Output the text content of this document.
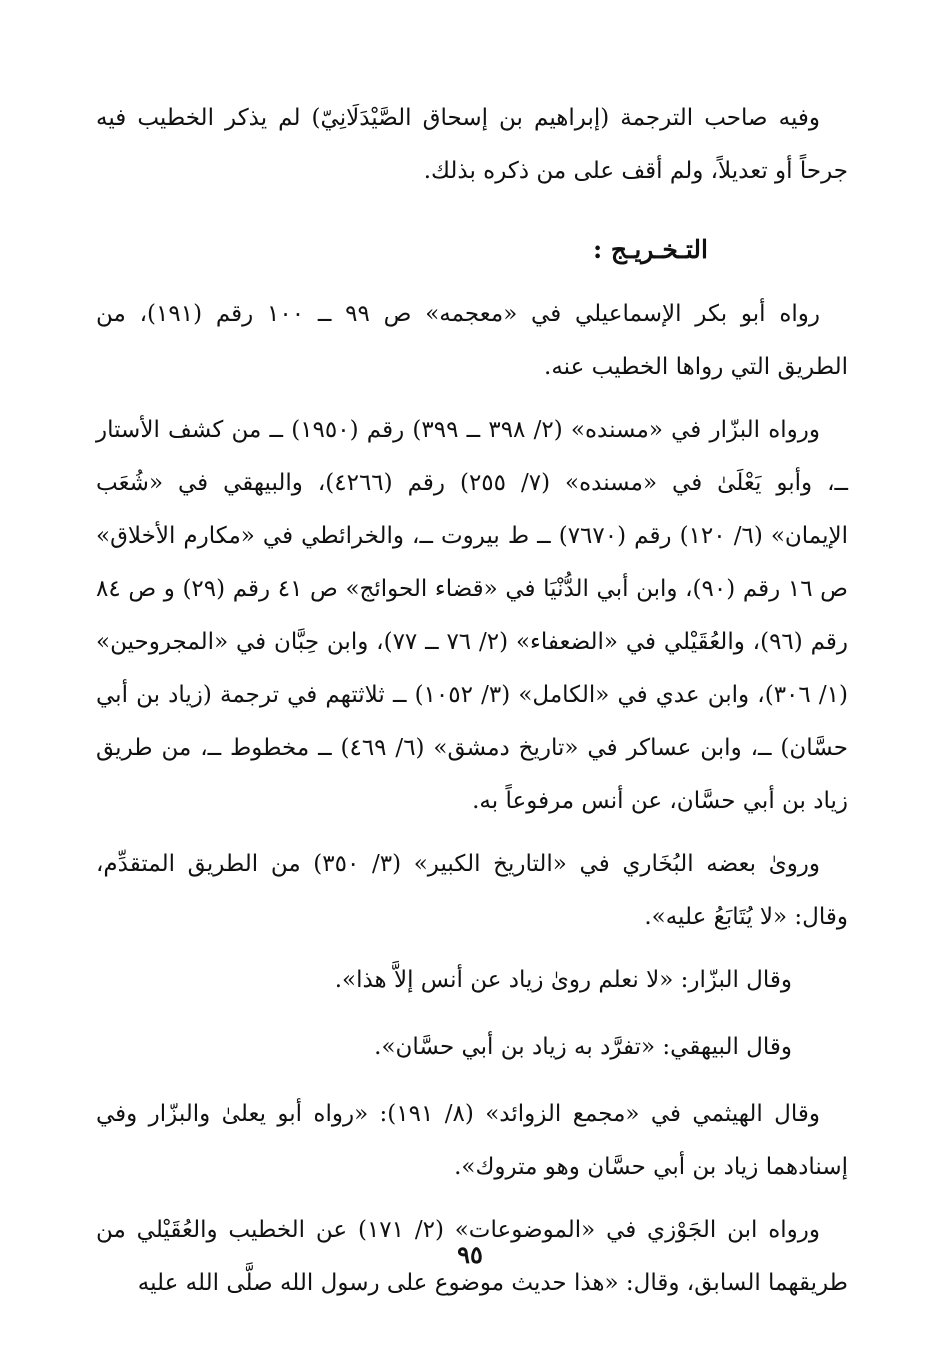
وفيه صاحب الترجمة (إبراهيم بن إسحاق الصَّيْدَلَانِيّ) لم يذكر الخطيب فيه جرحاً أو تعديلاً، ولم أقف على من ذكره بذلك.

التـخـريـج :

رواه أبو بكر الإسماعيلي في «معجمه» ص ٩٩ ــ ١٠٠ رقم (١٩١)، من الطريق التي رواها الخطيب عنه.

ورواه البزّار في «مسنده» (٢/ ٣٩٨ ــ ٣٩٩) رقم (١٩٥٠) ــ من كشف الأستار ــ، وأبو يَعْلَىٰ في «مسنده» (٧/ ٢٥٥) رقم (٤٢٦٦)، والبيهقي في «شُعَب الإيمان» (٦/ ١٢٠) رقم (٧٦٧٠) ــ ط بيروت ــ، والخرائطي في «مكارم الأخلاق» ص ١٦ رقم (٩٠)، وابن أبي الدُّنْيَا في «قضاء الحوائج» ص ٤١ رقم (٢٩) و ص ٨٤ رقم (٩٦)، والعُقَيْلي في «الضعفاء» (٢/ ٧٦ ــ ٧٧)، وابن حِبَّان في «المجروحين» (١/ ٣٠٦)، وابن عدي في «الكامل» (٣/ ١٠٥٢) ــ ثلاثتهم في ترجمة (زياد بن أبي حسَّان) ــ، وابن عساكر في «تاريخ دمشق» (٦/ ٤٦٩) ــ مخطوط ــ، من طريق زياد بن أبي حسَّان، عن أنس مرفوعاً به.

وروىٰ بعضه البُخَاري في «التاريخ الكبير» (٣/ ٣٥٠) من الطريق المتقدِّم، وقال: «لا يُتَابَعُ عليه».

وقال البزّار: «لا نعلم روىٰ زياد عن أنس إلاَّ هذا».

وقال البيهقي: «تفرَّد به زياد بن أبي حسَّان».

وقال الهيثمي في «مجمع الزوائد» (٨/ ١٩١): «رواه أبو يعلىٰ والبزّار وفي إسنادهما زياد بن أبي حسَّان وهو متروك».

ورواه ابن الجَوْزي في «الموضوعات» (٢/ ١٧١) عن الخطيب والعُقَيْلي من طريقهما السابق، وقال: «هذا حديث موضوع على رسول الله صلَّى الله عليه

٩٥
